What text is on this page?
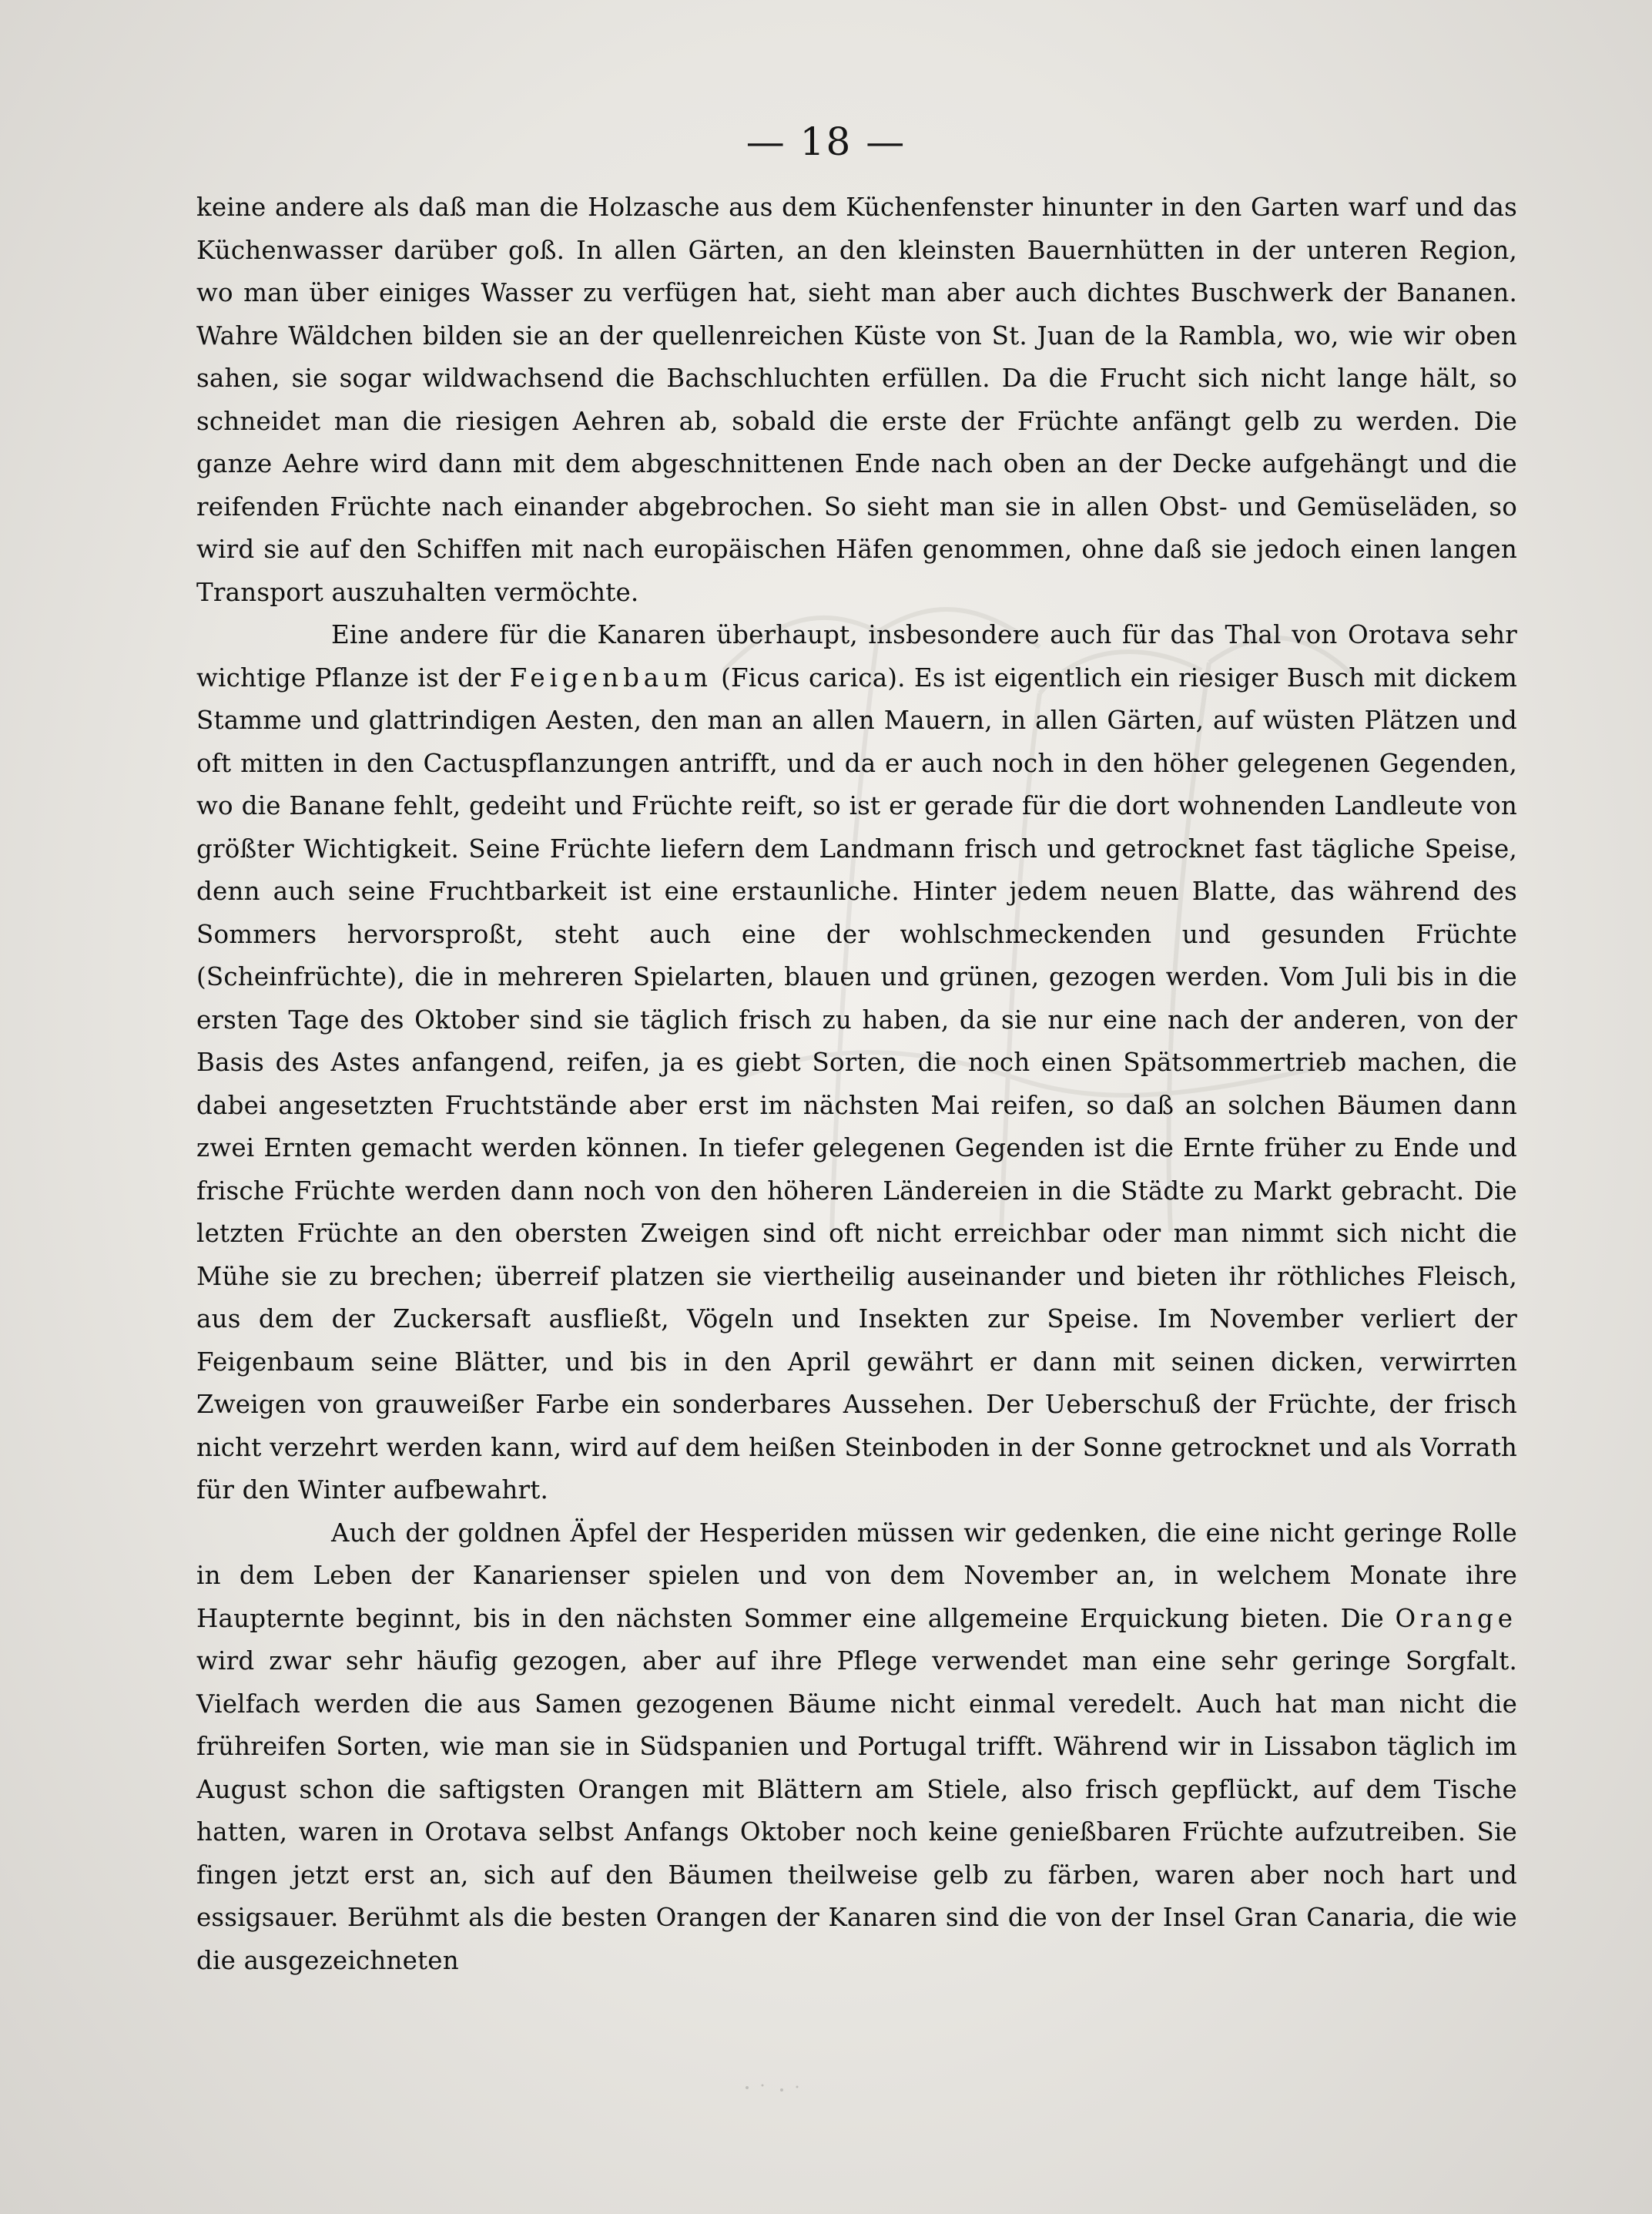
— 18 —

keine andere als daß man die Holzasche aus dem Küchenfenster hinunter in den Garten warf und das Küchenwasser darüber goß. In allen Gärten, an den kleinsten Bauernhütten in der unteren Region, wo man über einiges Wasser zu verfügen hat, sieht man aber auch dichtes Buschwerk der Bananen. Wahre Wäldchen bilden sie an der quellenreichen Küste von St. Juan de la Rambla, wo, wie wir oben sahen, sie sogar wildwachsend die Bachschluchten erfüllen. Da die Frucht sich nicht lange hält, so schneidet man die riesigen Aehren ab, sobald die erste der Früchte anfängt gelb zu werden. Die ganze Aehre wird dann mit dem abgeschnittenen Ende nach oben an der Decke aufgehängt und die reifenden Früchte nach einander abgebrochen. So sieht man sie in allen Obst- und Gemüseläden, so wird sie auf den Schiffen mit nach europäischen Häfen genommen, ohne daß sie jedoch einen langen Transport auszuhalten vermöchte.

Eine andere für die Kanaren überhaupt, insbesondere auch für das Thal von Orotava sehr wichtige Pflanze ist der Feigenbaum (Ficus carica). Es ist eigentlich ein riesiger Busch mit dickem Stamme und glattrindigen Aesten, den man an allen Mauern, in allen Gärten, auf wüsten Plätzen und oft mitten in den Cactuspflanzungen antrifft, und da er auch noch in den höher gelegenen Gegenden, wo die Banane fehlt, gedeiht und Früchte reift, so ist er gerade für die dort wohnenden Landleute von größter Wichtigkeit. Seine Früchte liefern dem Landmann frisch und getrocknet fast tägliche Speise, denn auch seine Fruchtbarkeit ist eine erstaunliche. Hinter jedem neuen Blatte, das während des Sommers hervorsproßt, steht auch eine der wohlschmeckenden und gesunden Früchte (Scheinfrüchte), die in mehreren Spielarten, blauen und grünen, gezogen werden. Vom Juli bis in die ersten Tage des Oktober sind sie täglich frisch zu haben, da sie nur eine nach der anderen, von der Basis des Astes anfangend, reifen, ja es giebt Sorten, die noch einen Spätsommertrieb machen, die dabei angesetzten Fruchtstände aber erst im nächsten Mai reifen, so daß an solchen Bäumen dann zwei Ernten gemacht werden können. In tiefer gelegenen Gegenden ist die Ernte früher zu Ende und frische Früchte werden dann noch von den höheren Ländereien in die Städte zu Markt gebracht. Die letzten Früchte an den obersten Zweigen sind oft nicht erreichbar oder man nimmt sich nicht die Mühe sie zu brechen; überreif platzen sie viertheilig auseinander und bieten ihr röthliches Fleisch, aus dem der Zuckersaft ausfließt, Vögeln und Insekten zur Speise. Im November verliert der Feigenbaum seine Blätter, und bis in den April gewährt er dann mit seinen dicken, verwirrten Zweigen von grauweißer Farbe ein sonderbares Aussehen. Der Ueberschuß der Früchte, der frisch nicht verzehrt werden kann, wird auf dem heißen Steinboden in der Sonne getrocknet und als Vorrath für den Winter aufbewahrt.

Auch der goldnen Äpfel der Hesperiden müssen wir gedenken, die eine nicht geringe Rolle in dem Leben der Kanarienser spielen und von dem November an, in welchem Monate ihre Haupternte beginnt, bis in den nächsten Sommer eine allgemeine Erquickung bieten. Die Orange wird zwar sehr häufig gezogen, aber auf ihre Pflege verwendet man eine sehr geringe Sorgfalt. Vielfach werden die aus Samen gezogenen Bäume nicht einmal veredelt. Auch hat man nicht die frühreifen Sorten, wie man sie in Südspanien und Portugal trifft. Während wir in Lissabon täglich im August schon die saftigsten Orangen mit Blättern am Stiele, also frisch gepflückt, auf dem Tische hatten, waren in Orotava selbst Anfangs Oktober noch keine genießbaren Früchte aufzutreiben. Sie fingen jetzt erst an, sich auf den Bäumen theilweise gelb zu färben, waren aber noch hart und essigsauer. Berühmt als die besten Orangen der Kanaren sind die von der Insel Gran Canaria, die wie die ausgezeichneten
